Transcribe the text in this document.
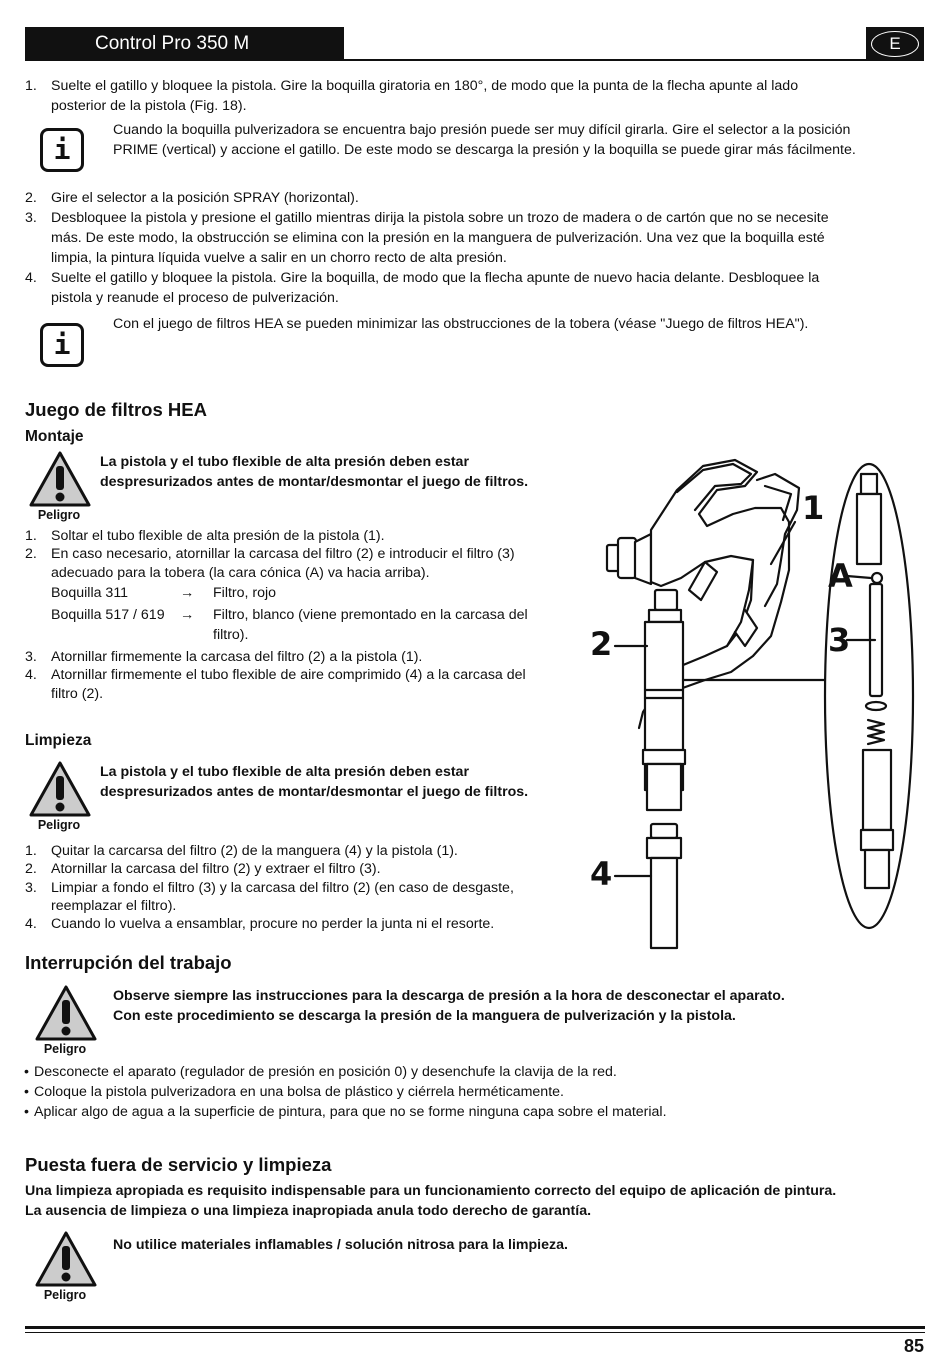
Control Pro 350 M	E
1. Suelte el gatillo y bloquee la pistola. Gire la boquilla giratoria en 180°, de modo que la punta de la flecha apunte al lado
posterior de la pistola (Fig. 18).
i
Cuando la boquilla pulverizadora se encuentra bajo presión puede ser muy difícil girarla. Gire el selector a la posición
PRIME (vertical) y accione el gatillo. De este modo se descarga la presión y la boquilla se puede girar más fácilmente.
2. Gire el selector a la posición SPRAY (horizontal).
3. Desbloquee la pistola y presione el gatillo mientras dirija la pistola sobre un trozo de madera o de cartón que no se necesite
más. De este modo, la obstrucción se elimina con la presión en la manguera de pulverización. Una vez que la boquilla esté
limpia, la pintura líquida vuelve a salir en un chorro recto de alta presión.
4. Suelte el gatillo y bloquee la pistola. Gire la boquilla, de modo que la flecha apunte de nuevo hacia delante. Desbloquee la
pistola y reanude el proceso de pulverización.
i
Con el juego de filtros HEA se pueden minimizar las obstrucciones de la tobera (véase "Juego de filtros HEA").
Juego de filtros HEA
Montaje
Peligro
La pistola y el tubo flexible de alta presión deben estar
despresurizados antes de montar/desmontar el juego de filtros.
1. Soltar el tubo flexible de alta presión de la pistola (1).
2. En caso necesario, atornillar la carcasa del filtro (2) e introducir el filtro (3)
adecuado para la tobera (la cara cónica (A) va hacia arriba).
Boquilla 311	→ Filtro, rojo
Boquilla 517 / 619 → Filtro, blanco (viene premontado en la carcasa del
filtro).
3. Atornillar firmemente la carcasa del filtro (2) a la pistola (1).
4. Atornillar firmemente el tubo flexible de aire comprimido (4) a la carcasa del
filtro (2).
Limpieza
Peligro
La pistola y el tubo flexible de alta presión deben estar
despresurizados antes de montar/desmontar el juego de filtros.
1. Quitar la carcarsa del filtro (2) de la manguera (4) y la pistola (1).
2. Atornillar la carcasa del filtro (2) y extraer el filtro (3).
3. Limpiar a fondo el filtro (3) y la carcasa del filtro (2) (en caso de desgaste,
reemplazar el filtro).
4. Cuando lo vuelva a ensamblar, procure no perder la junta ni el resorte.
1
A
2	3
4
Interrupción del trabajo
Peligro
Observe siempre las instrucciones para la descarga de presión a la hora de desconectar el aparato.
Con este procedimiento se descarga la presión de la manguera de pulverización y la pistola.
• Desconecte el aparato (regulador de presión en posición 0) y desenchufe la clavija de la red.
• Coloque la pistola pulverizadora en una bolsa de plástico y ciérrela herméticamente.
• Aplicar algo de agua a la superficie de pintura, para que no se forme ninguna capa sobre el material.
Puesta fuera de servicio y limpieza
Una limpieza apropiada es requisito indispensable para un funcionamiento correcto del equipo de aplicación de pintura.
La ausencia de limpieza o una limpieza inapropiada anula todo derecho de garantía.
Peligro
No utilice materiales inflamables / solución nitrosa para la limpieza.
85
